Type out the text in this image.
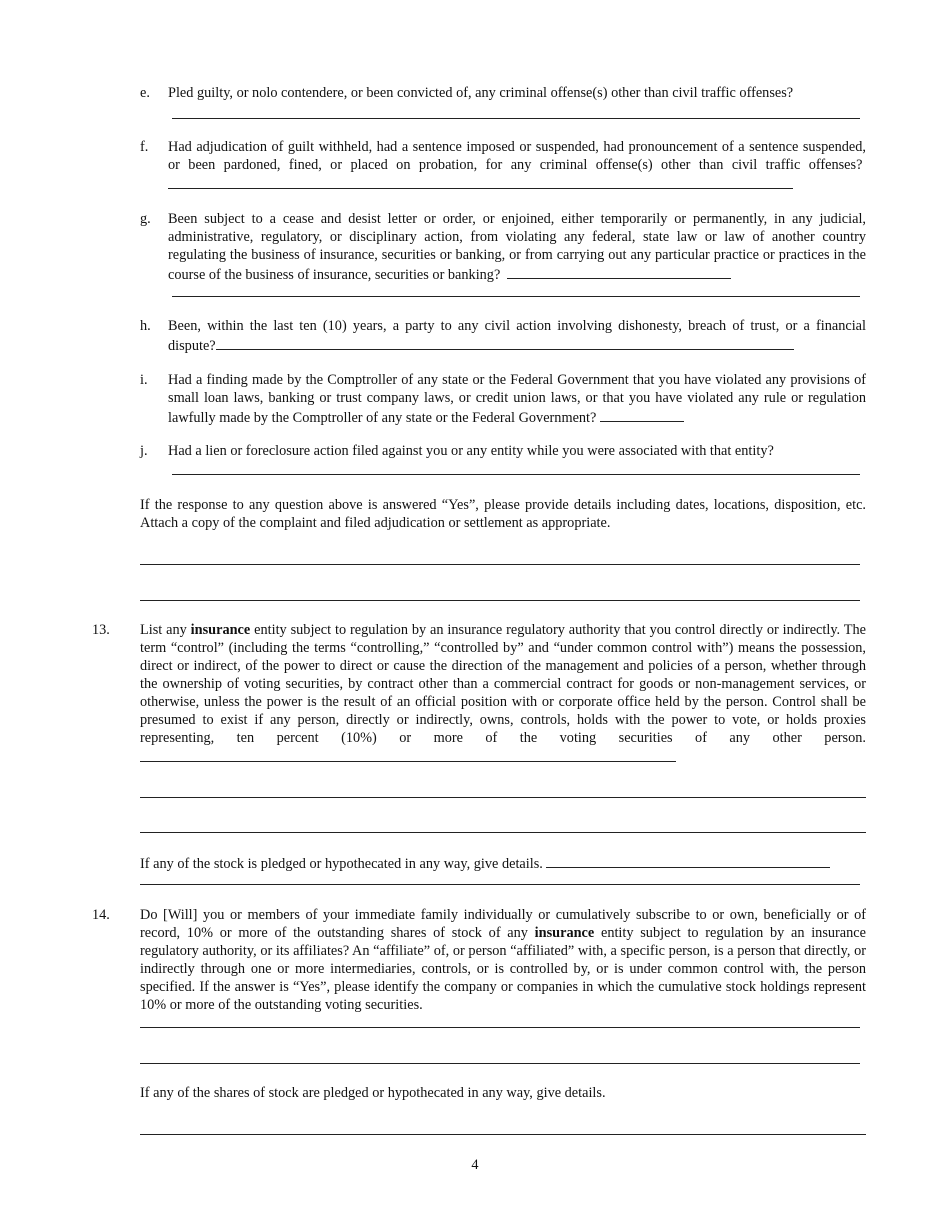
e. Pled guilty, or nolo contendere, or been convicted of, any criminal offense(s) other than civil traffic offenses?
f. Had adjudication of guilt withheld, had a sentence imposed or suspended, had pronouncement of a sentence suspended, or been pardoned, fined, or placed on probation, for any criminal offense(s) other than civil traffic offenses?
g. Been subject to a cease and desist letter or order, or enjoined, either temporarily or permanently, in any judicial, administrative, regulatory, or disciplinary action, from violating any federal, state law or law of another country regulating the business of insurance, securities or banking, or from carrying out any particular practice or practices in the course of the business of insurance, securities or banking?
h. Been, within the last ten (10) years, a party to any civil action involving dishonesty, breach of trust, or a financial dispute?
i. Had a finding made by the Comptroller of any state or the Federal Government that you have violated any provisions of small loan laws, banking or trust company laws, or credit union laws, or that you have violated any rule or regulation lawfully made by the Comptroller of any state or the Federal Government?
j. Had a lien or foreclosure action filed against you or any entity while you were associated with that entity?
If the response to any question above is answered “Yes”, please provide details including dates, locations, disposition, etc. Attach a copy of the complaint and filed adjudication or settlement as appropriate.
13. List any insurance entity subject to regulation by an insurance regulatory authority that you control directly or indirectly. The term “control” (including the terms “controlling,” “controlled by” and “under common control with”) means the possession, direct or indirect, of the power to direct or cause the direction of the management and policies of a person, whether through the ownership of voting securities, by contract other than a commercial contract for goods or non-management services, or otherwise, unless the power is the result of an official position with or corporate office held by the person. Control shall be presumed to exist if any person, directly or indirectly, owns, controls, holds with the power to vote, or holds proxies representing, ten percent (10%) or more of the voting securities of any other person.
If any of the stock is pledged or hypothecated in any way, give details.
14. Do [Will] you or members of your immediate family individually or cumulatively subscribe to or own, beneficially or of record, 10% or more of the outstanding shares of stock of any insurance entity subject to regulation by an insurance regulatory authority, or its affiliates? An “affiliate” of, or person “affiliated” with, a specific person, is a person that directly, or indirectly through one or more intermediaries, controls, or is controlled by, or is under common control with, the person specified. If the answer is “Yes”, please identify the company or companies in which the cumulative stock holdings represent 10% or more of the outstanding voting securities.
If any of the shares of stock are pledged or hypothecated in any way, give details.
4
